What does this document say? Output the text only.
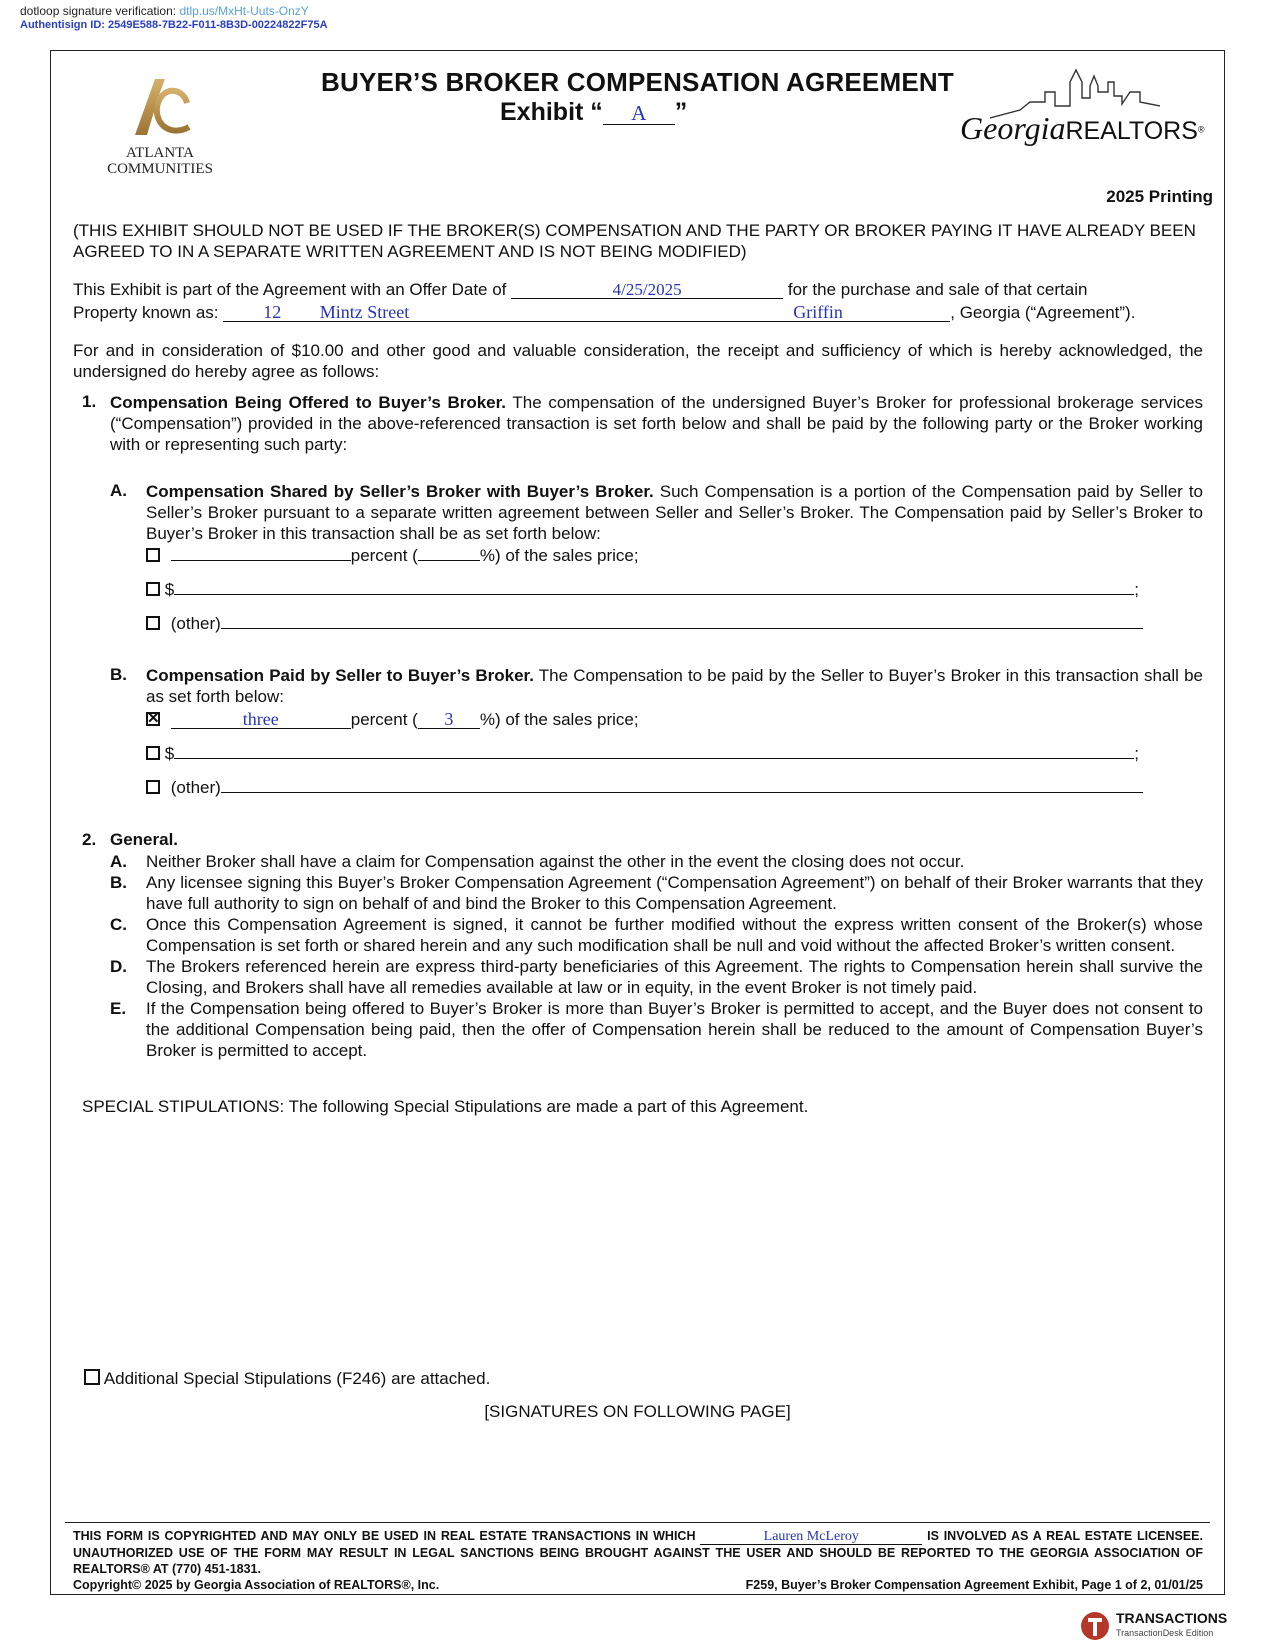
dotloop signature verification: dtlp.us/MxHt-Uuts-OnzY
Authentisign ID: 2549E588-7B22-F011-8B3D-00224822F75A
ATLANTA
COMMUNITIES
GeorgiaREALTORS®
BUYER’S BROKER COMPENSATION AGREEMENT
Exhibit “ A ”
2025 Printing

(THIS EXHIBIT SHOULD NOT BE USED IF THE BROKER(S) COMPENSATION AND THE PARTY OR BROKER PAYING IT HAVE ALREADY BEEN AGREED TO IN A SEPARATE WRITTEN AGREEMENT AND IS NOT BEING MODIFIED)

This Exhibit is part of the Agreement with an Offer Date of	4/25/2025	for the purchase and sale of that certain
Property known as: 12 Mintz Street	Griffin	, Georgia (“Agreement”).

For and in consideration of $10.00 and other good and valuable consideration, the receipt and sufficiency of which is hereby acknowledged, the undersigned do hereby agree as follows:

1. Compensation Being Offered to Buyer’s Broker. The compensation of the undersigned Buyer’s Broker for professional brokerage services (“Compensation”) provided in the above-referenced transaction is set forth below and shall be paid by the following party or the Broker working with or representing such party:

A. Compensation Shared by Seller’s Broker with Buyer’s Broker. Such Compensation is a portion of the Compensation paid by Seller to Seller’s Broker pursuant to a separate written agreement between Seller and Seller’s Broker. The Compensation paid by Seller’s Broker to Buyer’s Broker in this transaction shall be as set forth below:

percent (	%) of the sales price;
$	;
(other)
B. Compensation Paid by Seller to Buyer’s Broker. The Compensation to be paid by the Seller to Buyer’s Broker in this transaction shall be as set forth below:

✕ three	percent ( 3 %) of the sales price;
$	;
(other)
2. General.
A.	Neither Broker shall have a claim for Compensation against the other in the event the closing does not occur.

B.	Any licensee signing this Buyer’s Broker Compensation Agreement (“Compensation Agreement”) on behalf of their Broker warrants that they have full authority to sign on behalf of and bind the Broker to this Compensation Agreement.

C.	Once this Compensation Agreement is signed, it cannot be further modified without the express written consent of the Broker(s) whose Compensation is set forth or shared herein and any such modification shall be null and void without the affected Broker’s written consent.

D.	The Brokers referenced herein are express third-party beneficiaries of this Agreement. The rights to Compensation herein shall survive the Closing, and Brokers shall have all remedies available at law or in equity, in the event Broker is not timely paid.

E.	If the Compensation being offered to Buyer’s Broker is more than Buyer’s Broker is permitted to accept, and the Buyer does not consent to the additional Compensation being paid, then the offer of Compensation herein shall be reduced to the amount of Compensation Buyer’s Broker is permitted to accept.

SPECIAL STIPULATIONS: The following Special Stipulations are made a part of this Agreement.
Additional Special Stipulations (F246) are attached.
[SIGNATURES ON FOLLOWING PAGE]

THIS FORM IS COPYRIGHTED AND MAY ONLY BE USED IN REAL ESTATE TRANSACTIONS IN WHICH	Lauren McLeroy	IS INVOLVED AS A REAL ESTATE LICENSEE. UNAUTHORIZED USE OF THE FORM MAY RESULT IN LEGAL SANCTIONS BEING BROUGHT AGAINST THE USER AND SHOULD BE REPORTED TO THE GEORGIA ASSOCIATION OF REALTORS® AT (770) 451-1831.

Copyright© 2025 by Georgia Association of REALTORS®, Inc.	F259, Buyer’s Broker Compensation Agreement Exhibit, Page 1 of 2, 01/01/25
TRANSACTIONS
TransactionDesk Edition
